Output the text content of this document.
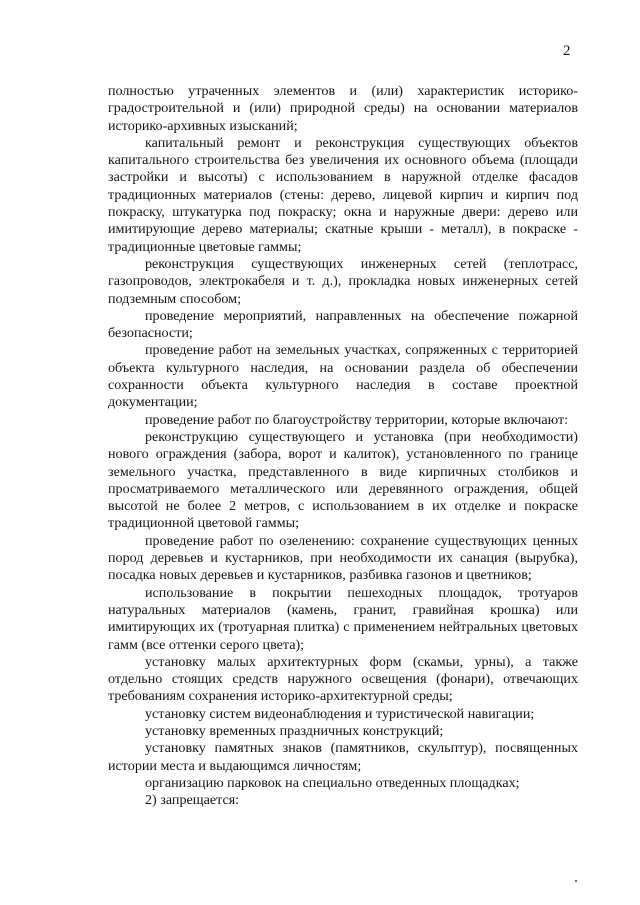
2

полностью утраченных элементов и (или) характеристик историко-градостроительной и (или) природной среды) на основании материалов историко-архивных изысканий;

капитальный ремонт и реконструкция существующих объектов капитального строительства без увеличения их основного объема (площади застройки и высоты) с использованием в наружной отделке фасадов традиционных материалов (стены: дерево, лицевой кирпич и кирпич под покраску, штукатурка под покраску; окна и наружные двери: дерево или имитирующие дерево материалы; скатные крыши - металл), в покраске - традиционные цветовые гаммы;

реконструкция существующих инженерных сетей (теплотрасс, газопроводов, электрокабеля и т. д.), прокладка новых инженерных сетей подземным способом;

проведение мероприятий, направленных на обеспечение пожарной безопасности;

проведение работ на земельных участках, сопряженных с территорией объекта культурного наследия, на основании раздела об обеспечении сохранности объекта культурного наследия в составе проектной документации;

проведение работ по благоустройству территории, которые включают:

реконструкцию существующего и установка (при необходимости) нового ограждения (забора, ворот и калиток), установленного по границе земельного участка, представленного в виде кирпичных столбиков и просматриваемого металлического или деревянного ограждения, общей высотой не более 2 метров, с использованием в их отделке и покраске традиционной цветовой гаммы;

проведение работ по озеленению: сохранение существующих ценных пород деревьев и кустарников, при необходимости их санация (вырубка), посадка новых деревьев и кустарников, разбивка газонов и цветников;

использование в покрытии пешеходных площадок, тротуаров натуральных материалов (камень, гранит, гравийная крошка) или имитирующих их (тротуарная плитка) с применением нейтральных цветовых гамм (все оттенки серого цвета);

установку малых архитектурных форм (скамьи, урны), а также отдельно стоящих средств наружного освещения (фонари), отвечающих требованиям сохранения историко-архитектурной среды;

установку систем видеонаблюдения и туристической навигации;

установку временных праздничных конструкций;

установку памятных знаков (памятников, скульптур), посвященных истории места и выдающимся личностям;

организацию парковок на специально отведенных площадках;

2) запрещается:
